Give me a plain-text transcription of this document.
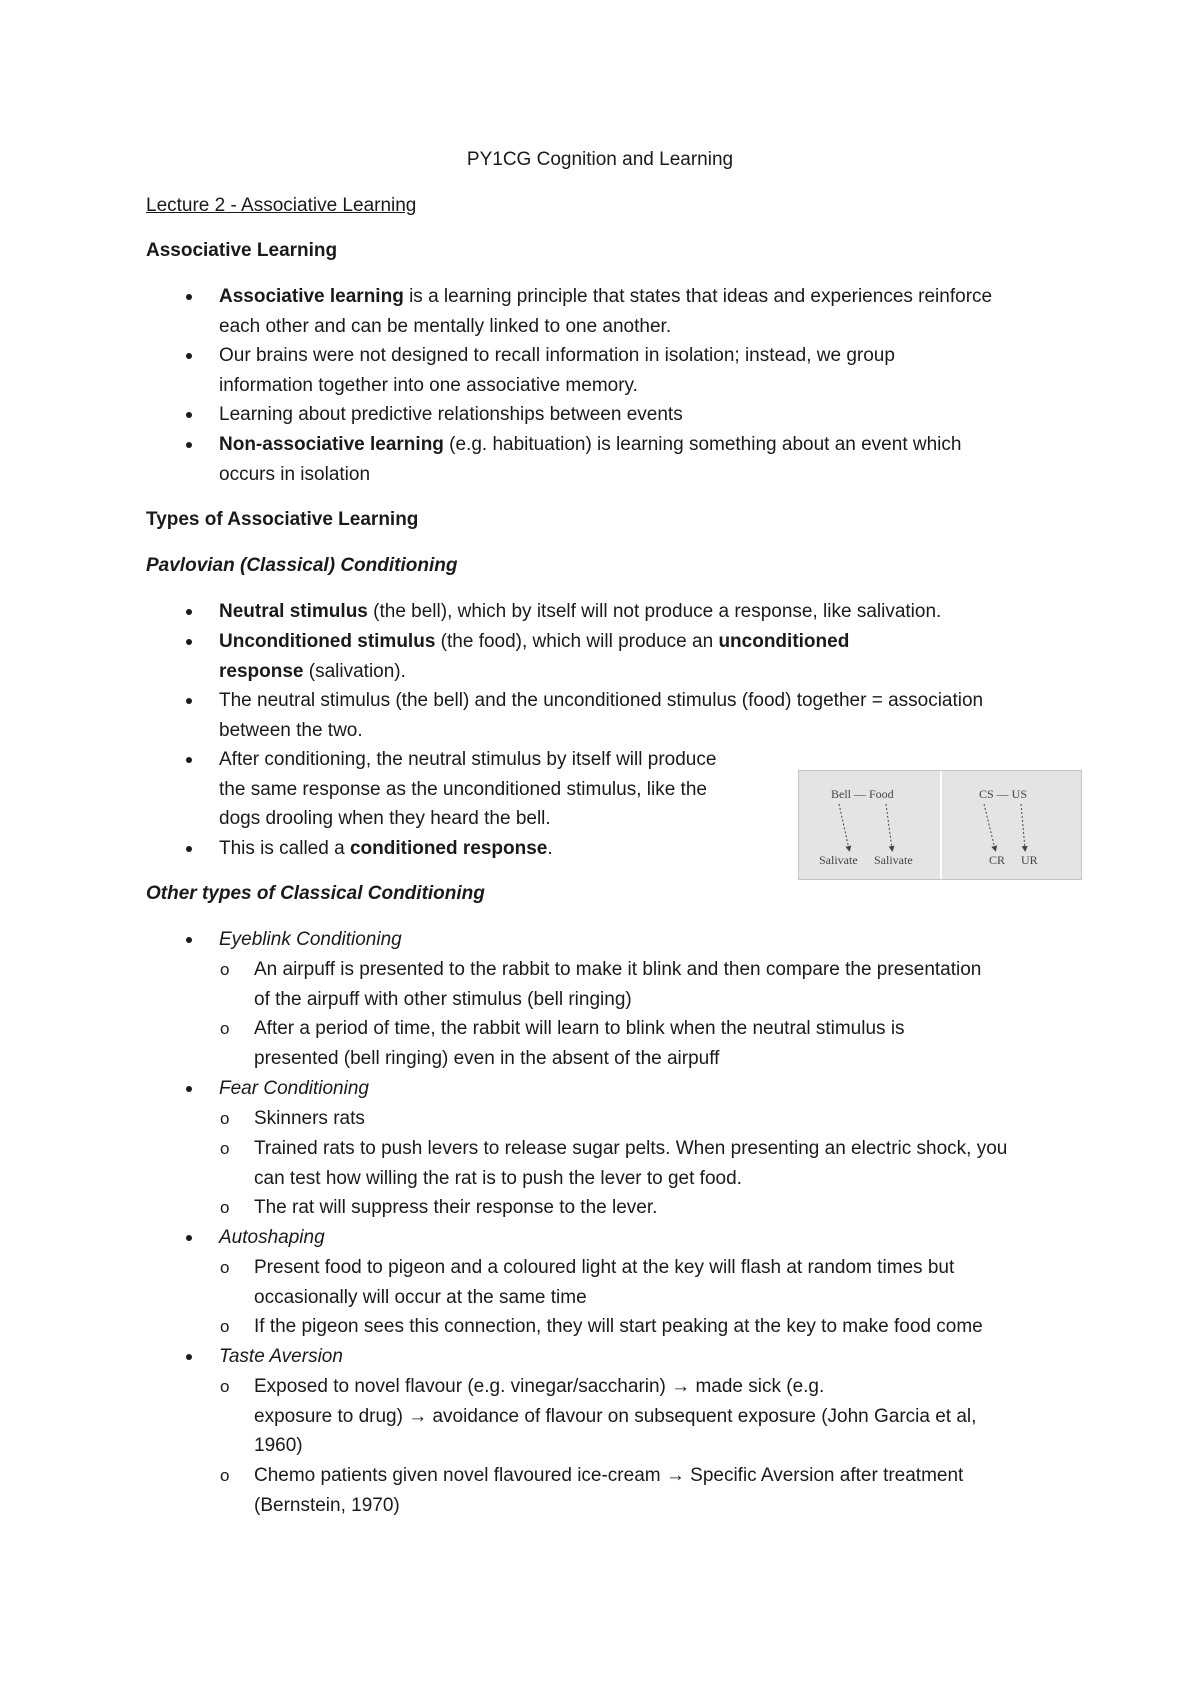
PY1CG Cognition and Learning
Lecture 2 - Associative Learning
Associative Learning
Associative learning is a learning principle that states that ideas and experiences reinforce
each other and can be mentally linked to one another.
Our brains were not designed to recall information in isolation; instead, we group
information together into one associative memory.
Learning about predictive relationships between events
Non-associative learning (e.g. habituation) is learning something about an event which
occurs in isolation
Types of Associative Learning
Pavlovian (Classical) Conditioning
Neutral stimulus (the bell), which by itself will not produce a response, like salivation.
Unconditioned stimulus (the food), which will produce an unconditioned
response (salivation).
The neutral stimulus (the bell) and the unconditioned stimulus (food) together = association
between the two.
After conditioning, the neutral stimulus by itself will produce
the same response as the unconditioned stimulus, like the
dogs drooling when they heard the bell.
This is called a conditioned response.
Bell — Food
Salivate Salivate
CS — US
CR UR
Other types of Classical Conditioning
Eyeblink Conditioning
o An airpuff is presented to the rabbit to make it blink and then compare the presentation
of the airpuff with other stimulus (bell ringing)
o After a period of time, the rabbit will learn to blink when the neutral stimulus is
presented (bell ringing) even in the absent of the airpuff
Fear Conditioning
o Skinners rats
o Trained rats to push levers to release sugar pelts. When presenting an electric shock, you
can test how willing the rat is to push the lever to get food.
o The rat will suppress their response to the lever.
Autoshaping
o Present food to pigeon and a coloured light at the key will flash at random times but
occasionally will occur at the same time
o If the pigeon sees this connection, they will start peaking at the key to make food come
Taste Aversion
o Exposed to novel flavour (e.g. vinegar/saccharin) → made sick (e.g.
exposure to drug) → avoidance of flavour on subsequent exposure (John Garcia et al,
1960)
o Chemo patients given novel flavoured ice-cream → Specific Aversion after treatment
(Bernstein, 1970)
